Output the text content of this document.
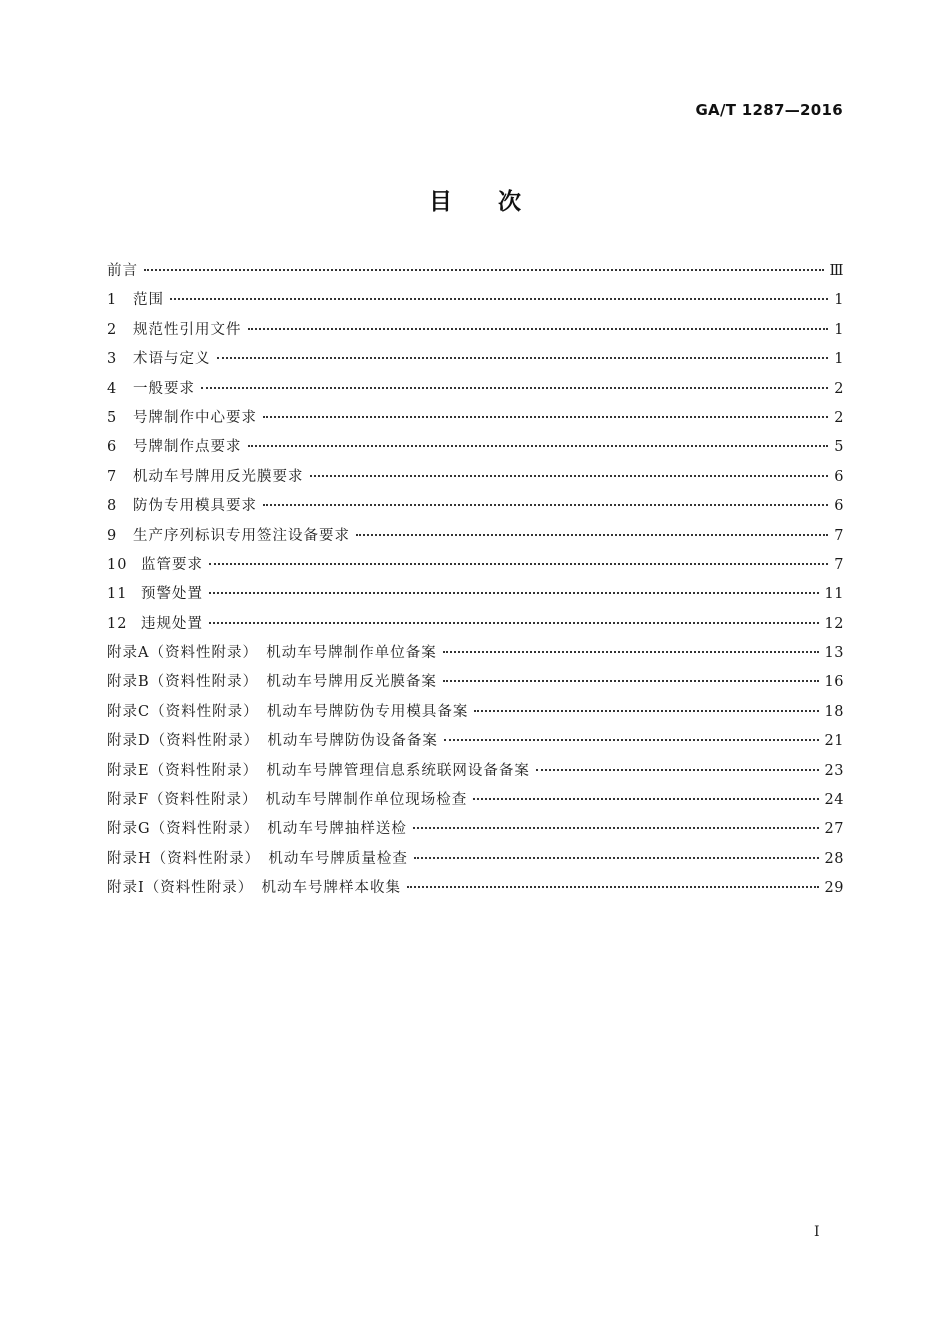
GA/T 1287—2016
目　　次
前言	Ⅲ
1	范围	1
2	规范性引用文件	1
3	术语与定义	1
4	一般要求	2
5	号牌制作中心要求	2
6	号牌制作点要求	5
7	机动车号牌用反光膜要求	6
8	防伪专用模具要求	6
9	生产序列标识专用签注设备要求	7
10 监管要求	7
11 预警处置	11
12 违规处置	12
附录A（资料性附录）　机动车号牌制作单位备案	13
附录B（资料性附录）　机动车号牌用反光膜备案	16
附录C（资料性附录）　机动车号牌防伪专用模具备案	18
附录D（资料性附录）　机动车号牌防伪设备备案	21
附录E（资料性附录）　机动车号牌管理信息系统联网设备备案	23
附录F（资料性附录）　机动车号牌制作单位现场检查	24
附录G（资料性附录）　机动车号牌抽样送检	27
附录H（资料性附录）　机动车号牌质量检查	28
附录I（资料性附录）　机动车号牌样本收集	29
I
